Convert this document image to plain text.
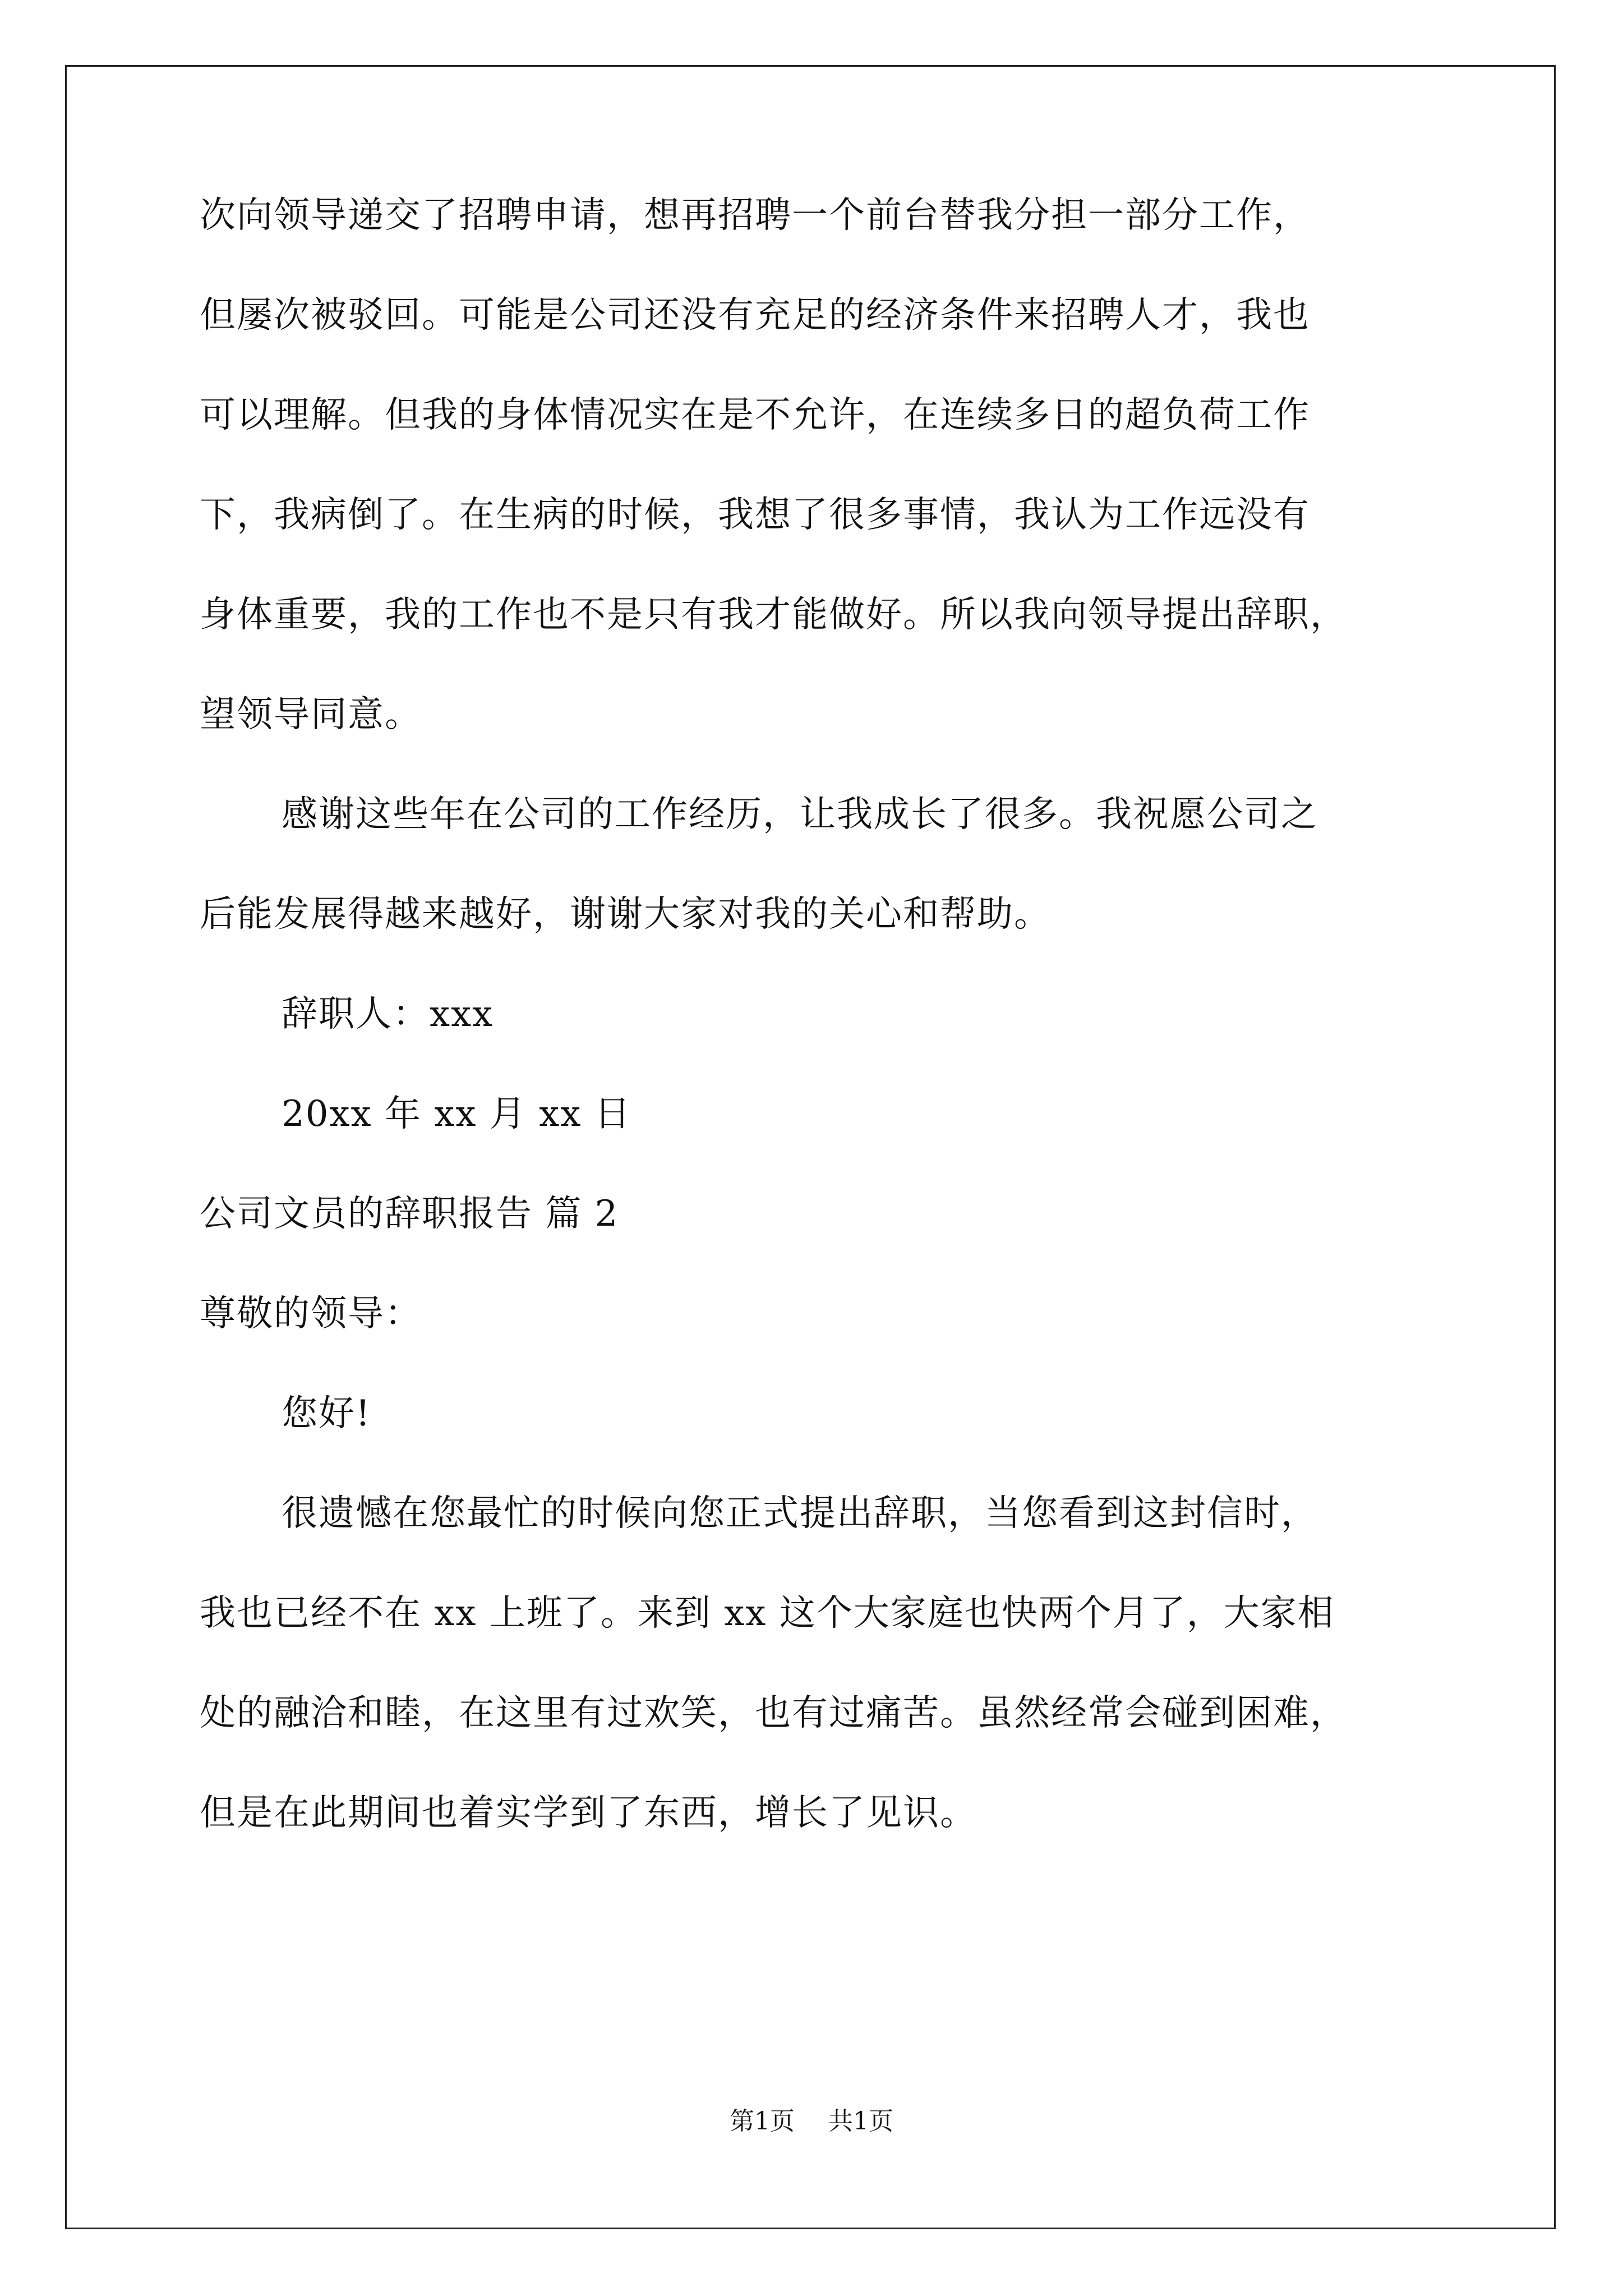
次向领导递交了招聘申请，想再招聘一个前台替我分担一部分工作，
但屡次被驳回。可能是公司还没有充足的经济条件来招聘人才，我也
可以理解。但我的身体情况实在是不允许，在连续多日的超负荷工作
下，我病倒了。在生病的时候，我想了很多事情，我认为工作远没有
身体重要，我的工作也不是只有我才能做好。所以我向领导提出辞职，
望领导同意。
感谢这些年在公司的工作经历，让我成长了很多。我祝愿公司之
后能发展得越来越好，谢谢大家对我的关心和帮助。
辞职人：xxx
20xx 年 xx 月 xx 日
公司文员的辞职报告 篇 2
尊敬的领导：
您好!
很遗憾在您最忙的时候向您正式提出辞职，当您看到这封信时，
我也已经不在 xx 上班了。来到 xx 这个大家庭也快两个月了，大家相
处的融洽和睦，在这里有过欢笑，也有过痛苦。虽然经常会碰到困难，
但是在此期间也着实学到了东西，增长了见识。
第1页 共1页
